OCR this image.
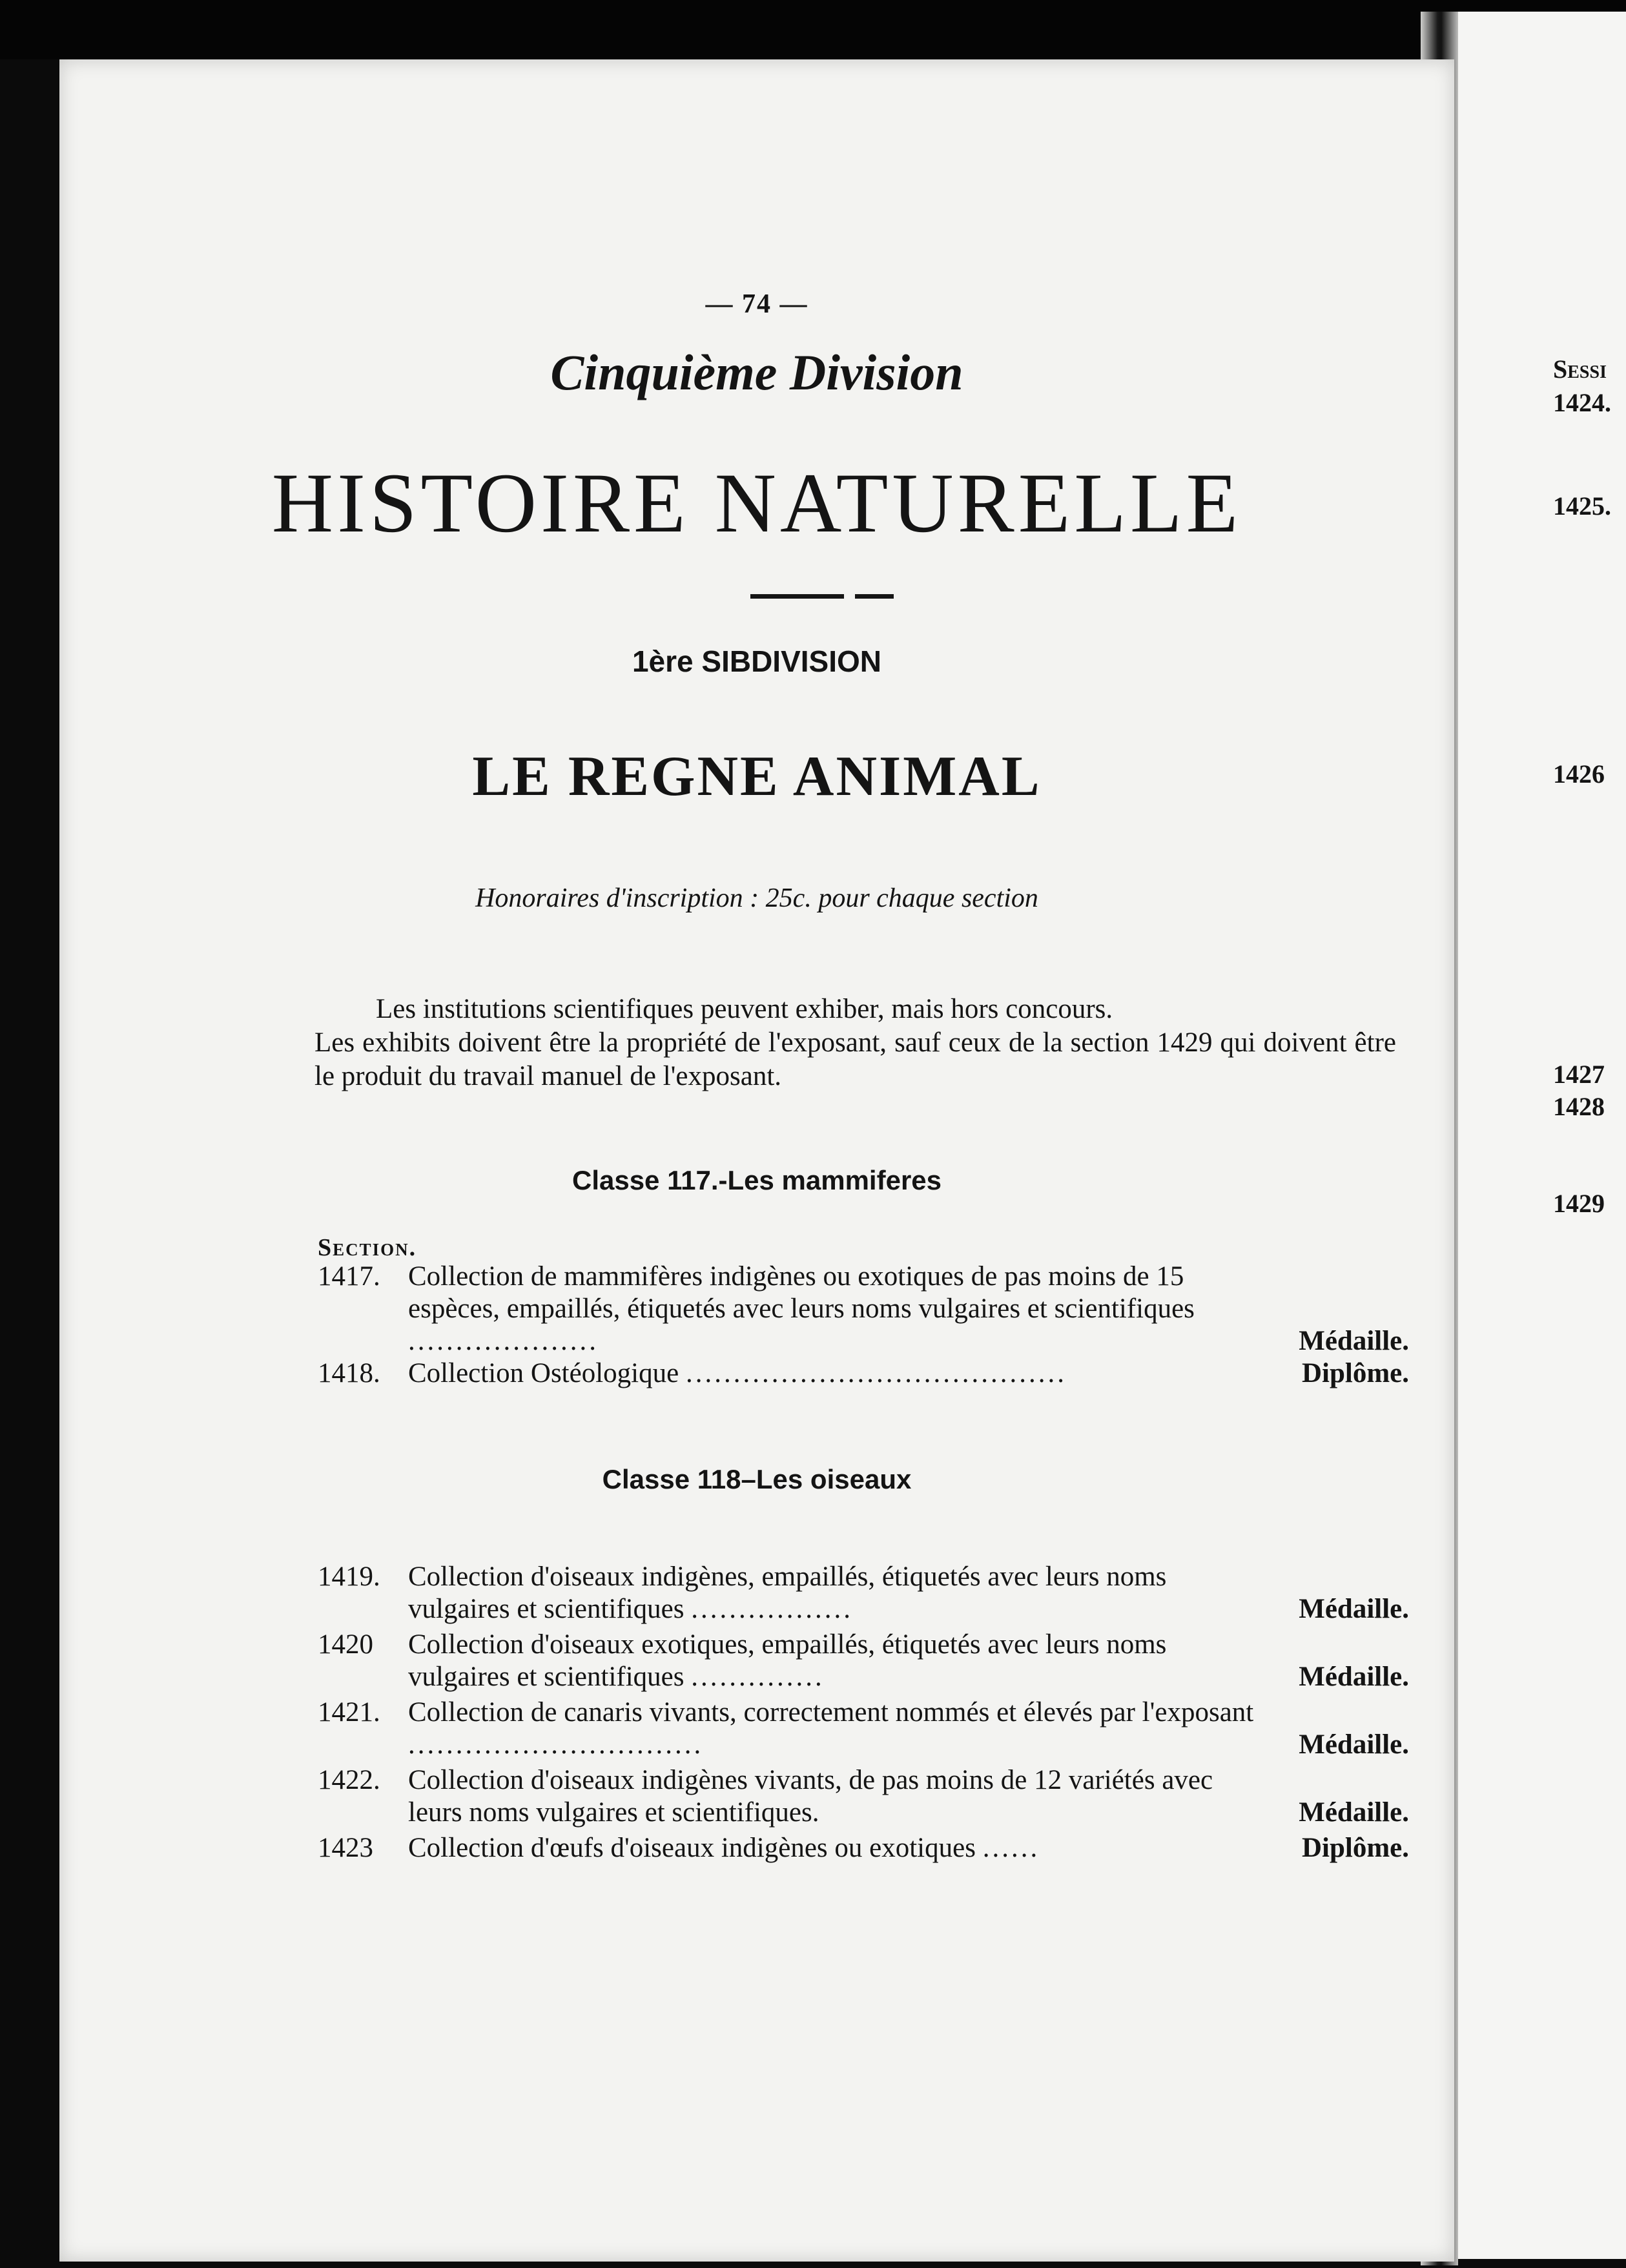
— 74 —
Cinquième Division
HISTOIRE NATURELLE
1ère SIBDIVISION
LE REGNE ANIMAL
Honoraires d'inscription : 25c. pour chaque section

Les institutions scientifiques peuvent exhiber, mais hors concours.

Les exhibits doivent être la propriété de l'exposant, sauf ceux de la section 1429 qui doivent être le produit du travail manuel de l'exposant.

Classe 117.-Les mammiferes
Section.
1417.	Collection de mammifères indigènes ou exotiques de pas moins de 15 espèces, empaillés, étiquetés avec leurs noms vulgaires et scientifiques ....................	Médaille.
1418.	Collection Ostéologique ........................................	Diplôme.
Classe 118–Les oiseaux
1419.	Collection d'oiseaux indigènes, empaillés, étiquetés avec leurs noms vulgaires et scientifiques .................	Médaille.
1420	Collection d'oiseaux exotiques, empaillés, étiquetés avec leurs noms vulgaires et scientifiques ..............	Médaille.
1421.	Collection de canaris vivants, correctement nommés et élevés par l'exposant ...............................	Médaille.
1422.	Collection d'oiseaux indigènes vivants, de pas moins de 12 variétés avec leurs noms vulgaires et scientifiques.	Médaille.
1423	Collection d'œufs d'oiseaux indigènes ou exotiques ......	Diplôme.
Sessi
1424.
1425.
1426
1427
1428
1429
